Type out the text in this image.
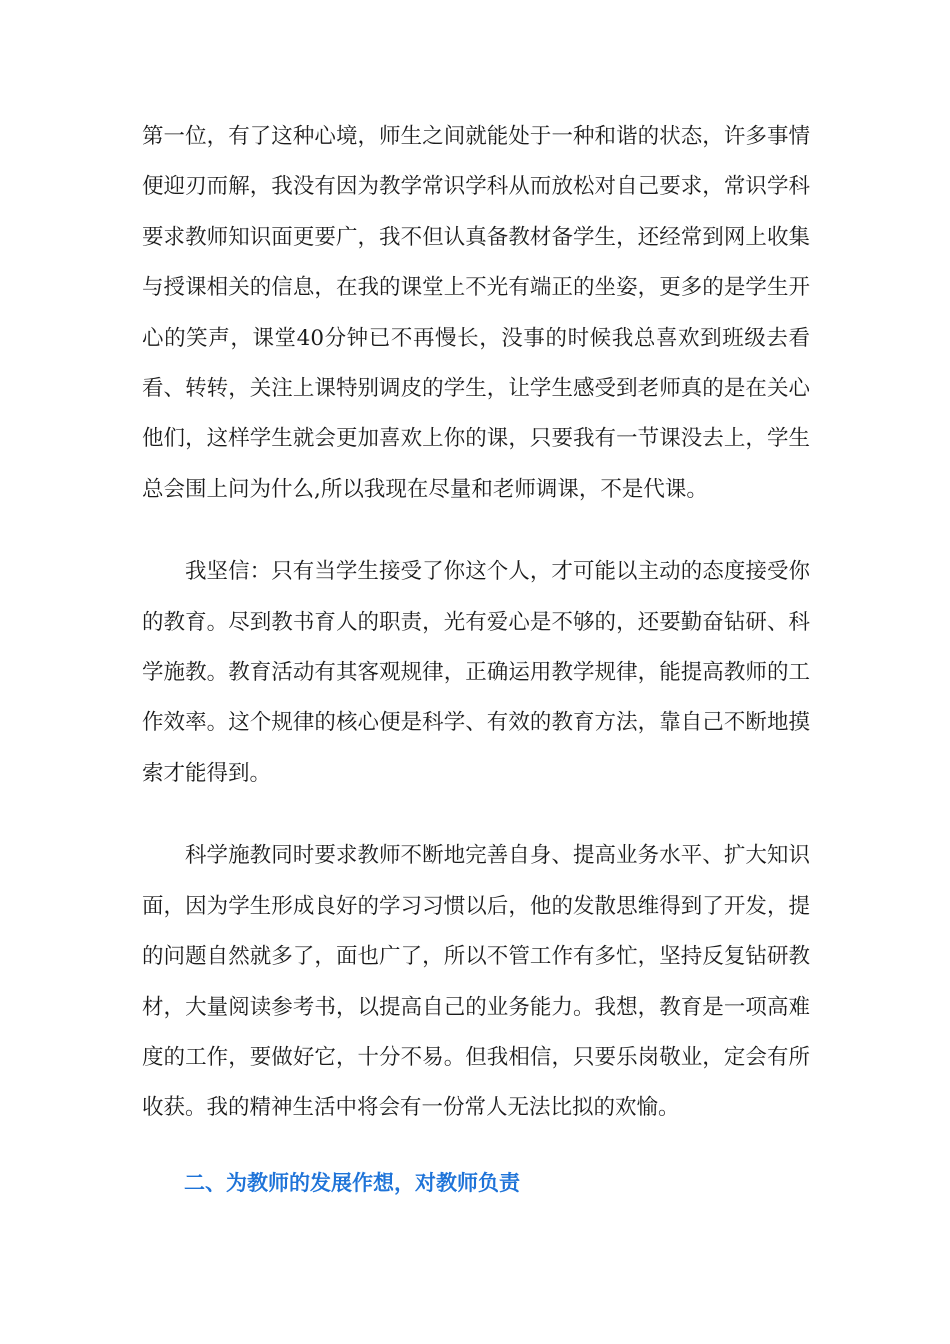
第一位，有了这种心境，师生之间就能处于一种和谐的状态，许多事情便迎刃而解，我没有因为教学常识学科从而放松对自己要求，常识学科要求教师知识面更要广，我不但认真备教材备学生，还经常到网上收集与授课相关的信息，在我的课堂上不光有端正的坐姿，更多的是学生开心的笑声，课堂40分钟已不再慢长，没事的时候我总喜欢到班级去看看、转转，关注上课特别调皮的学生，让学生感受到老师真的是在关心他们，这样学生就会更加喜欢上你的课，只要我有一节课没去上，学生总会围上问为什么,所以我现在尽量和老师调课，不是代课。

我坚信：只有当学生接受了你这个人，才可能以主动的态度接受你的教育。尽到教书育人的职责，光有爱心是不够的，还要勤奋钻研、科学施教。教育活动有其客观规律，正确运用教学规律，能提高教师的工作效率。这个规律的核心便是科学、有效的教育方法，靠自己不断地摸索才能得到。

科学施教同时要求教师不断地完善自身、提高业务水平、扩大知识面，因为学生形成良好的学习习惯以后，他的发散思维得到了开发，提的问题自然就多了，面也广了，所以不管工作有多忙，坚持反复钻研教材，大量阅读参考书，以提高自己的业务能力。我想，教育是一项高难度的工作，要做好它，十分不易。但我相信，只要乐岗敬业，定会有所收获。我的精神生活中将会有一份常人无法比拟的欢愉。

二、为教师的发展作想，对教师负责
